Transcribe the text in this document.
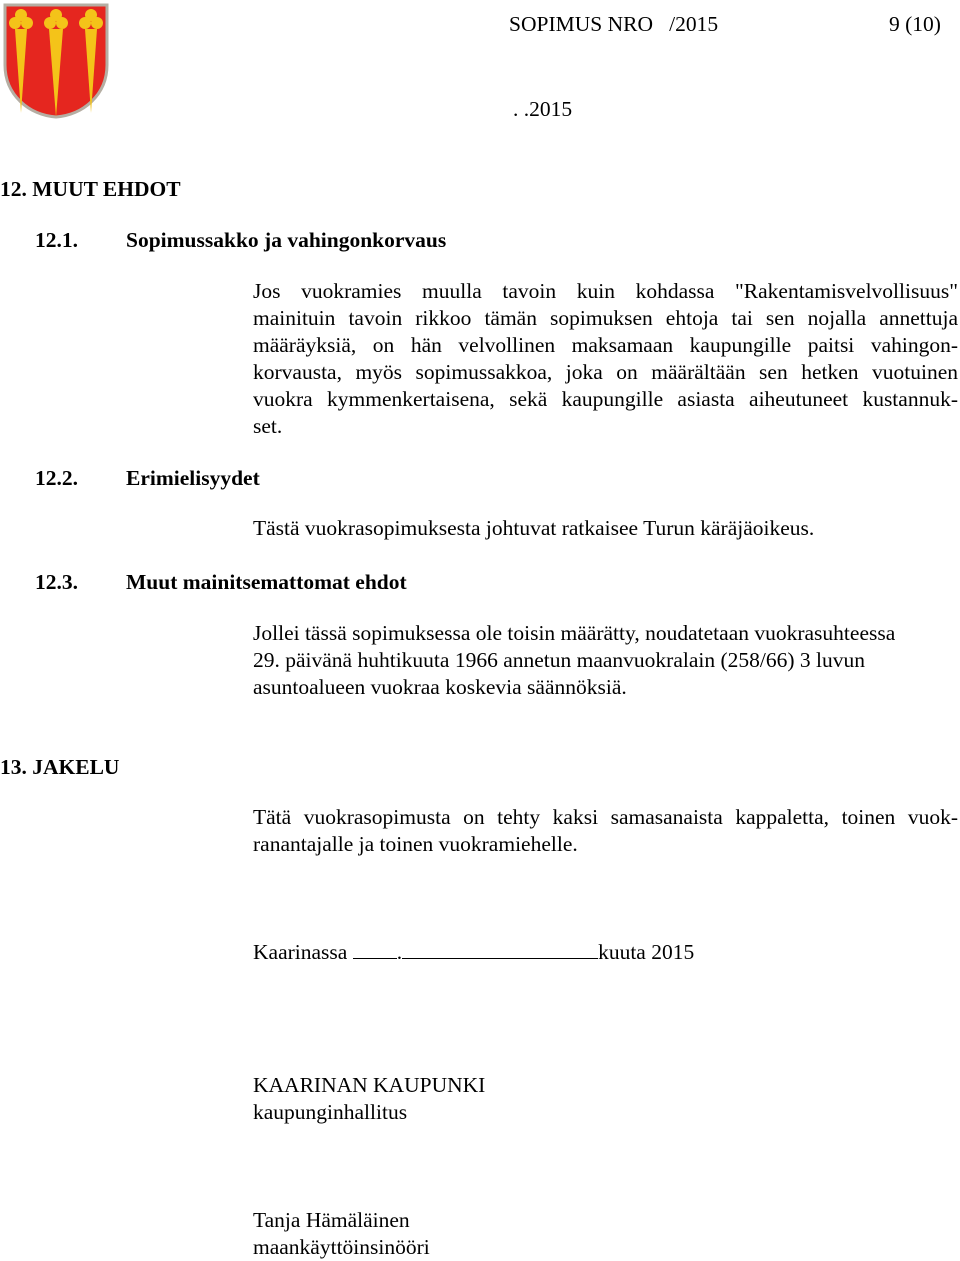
SOPIMUS NRO   /2015	9 (10)
. .2015
12. MUUT EHDOT
12.1. Sopimussakko ja vahingonkorvaus
Jos vuokramies muulla tavoin kuin kohdassa "Rakentamisvelvollisuus"
mainituin tavoin rikkoo tämän sopimuksen ehtoja tai sen nojalla annettuja
määräyksiä, on hän velvollinen maksamaan kaupungille paitsi vahingon-
korvausta, myös sopimussakkoa, joka on määrältään sen hetken vuotuinen
vuokra kymmenkertaisena, sekä kaupungille asiasta aiheutuneet kustannuk-
set.
12.2. Erimielisyydet
Tästä vuokrasopimuksesta johtuvat ratkaisee Turun käräjäoikeus.
12.3. Muut mainitsemattomat ehdot
Jollei tässä sopimuksessa ole toisin määrätty, noudatetaan vuokrasuhteessa
29. päivänä huhtikuuta 1966 annetun maanvuokralain (258/66) 3 luvun
asuntoalueen vuokraa koskevia säännöksiä.
13. JAKELU
Tätä vuokrasopimusta on tehty kaksi samasanaista kappaletta, toinen vuok-
ranantajalle ja toinen vuokramiehelle.
Kaarinassa .	kuuta 2015
KAARINAN KAUPUNKI
kaupunginhallitus
Tanja Hämäläinen
maankäyttöinsinööri
